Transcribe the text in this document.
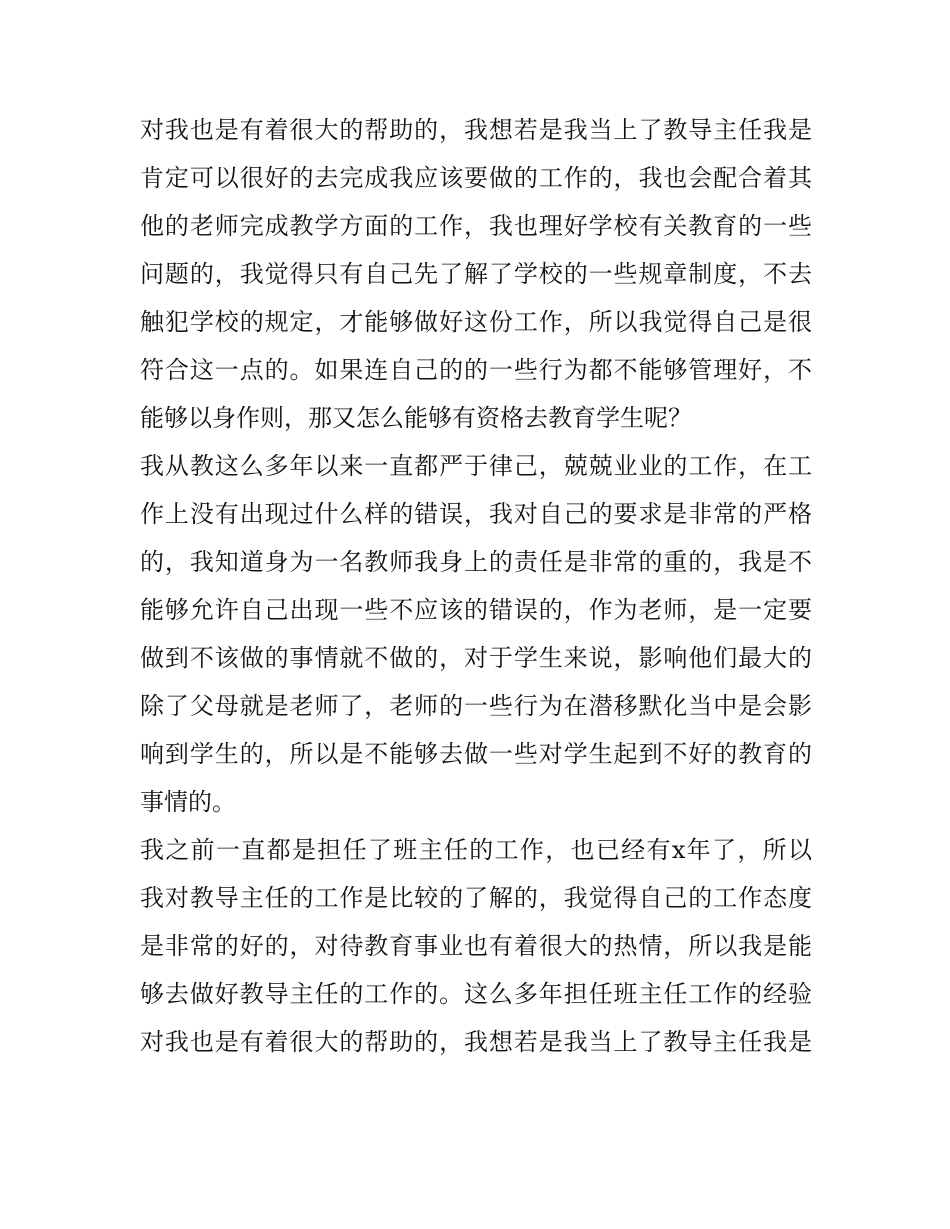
对我也是有着很大的帮助的，我想若是我当上了教导主任我是
肯定可以很好的去完成我应该要做的工作的，我也会配合着其
他的老师完成教学方面的工作，我也理好学校有关教育的一些
问题的，我觉得只有自己先了解了学校的一些规章制度，不去
触犯学校的规定，才能够做好这份工作，所以我觉得自己是很
符合这一点的。如果连自己的的一些行为都不能够管理好，不
能够以身作则，那又怎么能够有资格去教育学生呢？
我从教这么多年以来一直都严于律己，兢兢业业的工作，在工
作上没有出现过什么样的错误，我对自己的要求是非常的严格
的，我知道身为一名教师我身上的责任是非常的重的，我是不
能够允许自己出现一些不应该的错误的，作为老师，是一定要
做到不该做的事情就不做的，对于学生来说，影响他们最大的
除了父母就是老师了，老师的一些行为在潜移默化当中是会影
响到学生的，所以是不能够去做一些对学生起到不好的教育的
事情的。
我之前一直都是担任了班主任的工作，也已经有x年了，所以
我对教导主任的工作是比较的了解的，我觉得自己的工作态度
是非常的好的，对待教育事业也有着很大的热情，所以我是能
够去做好教导主任的工作的。这么多年担任班主任工作的经验
对我也是有着很大的帮助的，我想若是我当上了教导主任我是
